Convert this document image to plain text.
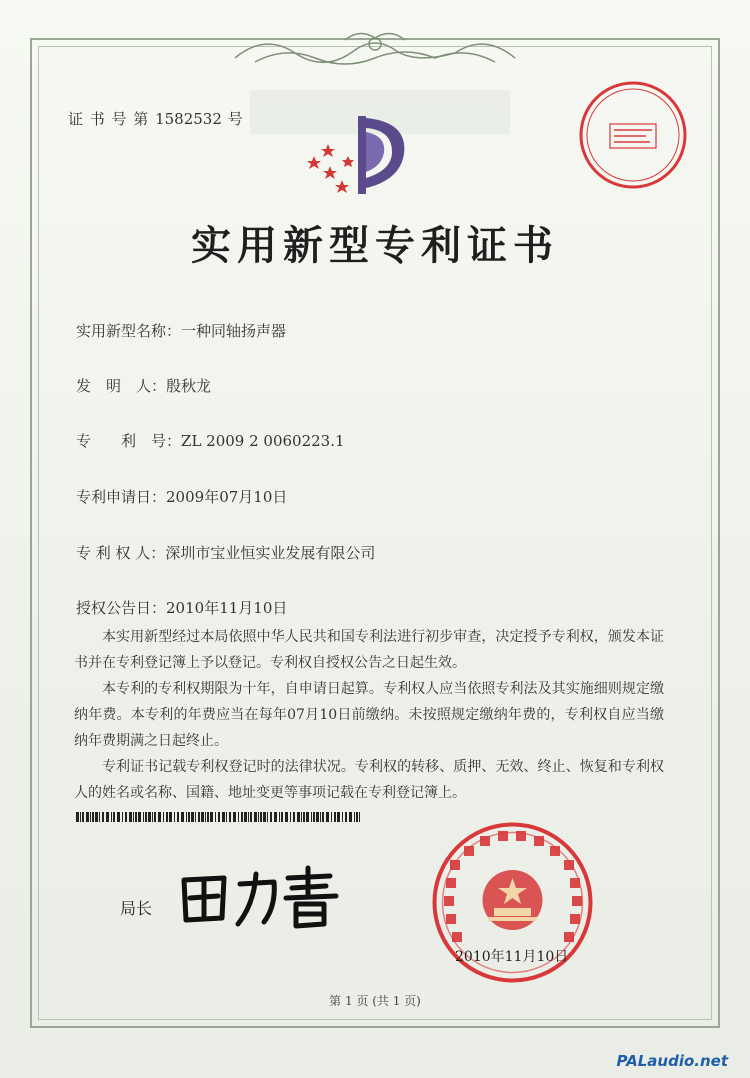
证 书 号 第 1582532 号
实用新型专利证书
实用新型名称：一种同轴扬声器
发　明　人：殷秋龙
专　　利　号：ZL 2009 2 0060223.1
专利申请日：2009年07月10日
专 利 权 人：深圳市宝业恒实业发展有限公司
授权公告日：2010年11月10日

本实用新型经过本局依照中华人民共和国专利法进行初步审查，决定授予专利权，颁发本证书并在专利登记簿上予以登记。专利权自授权公告之日起生效。

本专利的专利权期限为十年，自申请日起算。专利权人应当依照专利法及其实施细则规定缴纳年费。本专利的年费应当在每年07月10日前缴纳。未按照规定缴纳年费的，专利权自应当缴纳年费期满之日起终止。

专利证书记载专利权登记时的法律状况。专利权的转移、质押、无效、终止、恢复和专利权人的姓名或名称、国籍、地址变更等事项记载在专利登记簿上。

局长
2010年11月10日
第 1 页 (共 1 页)
PALaudio.net
